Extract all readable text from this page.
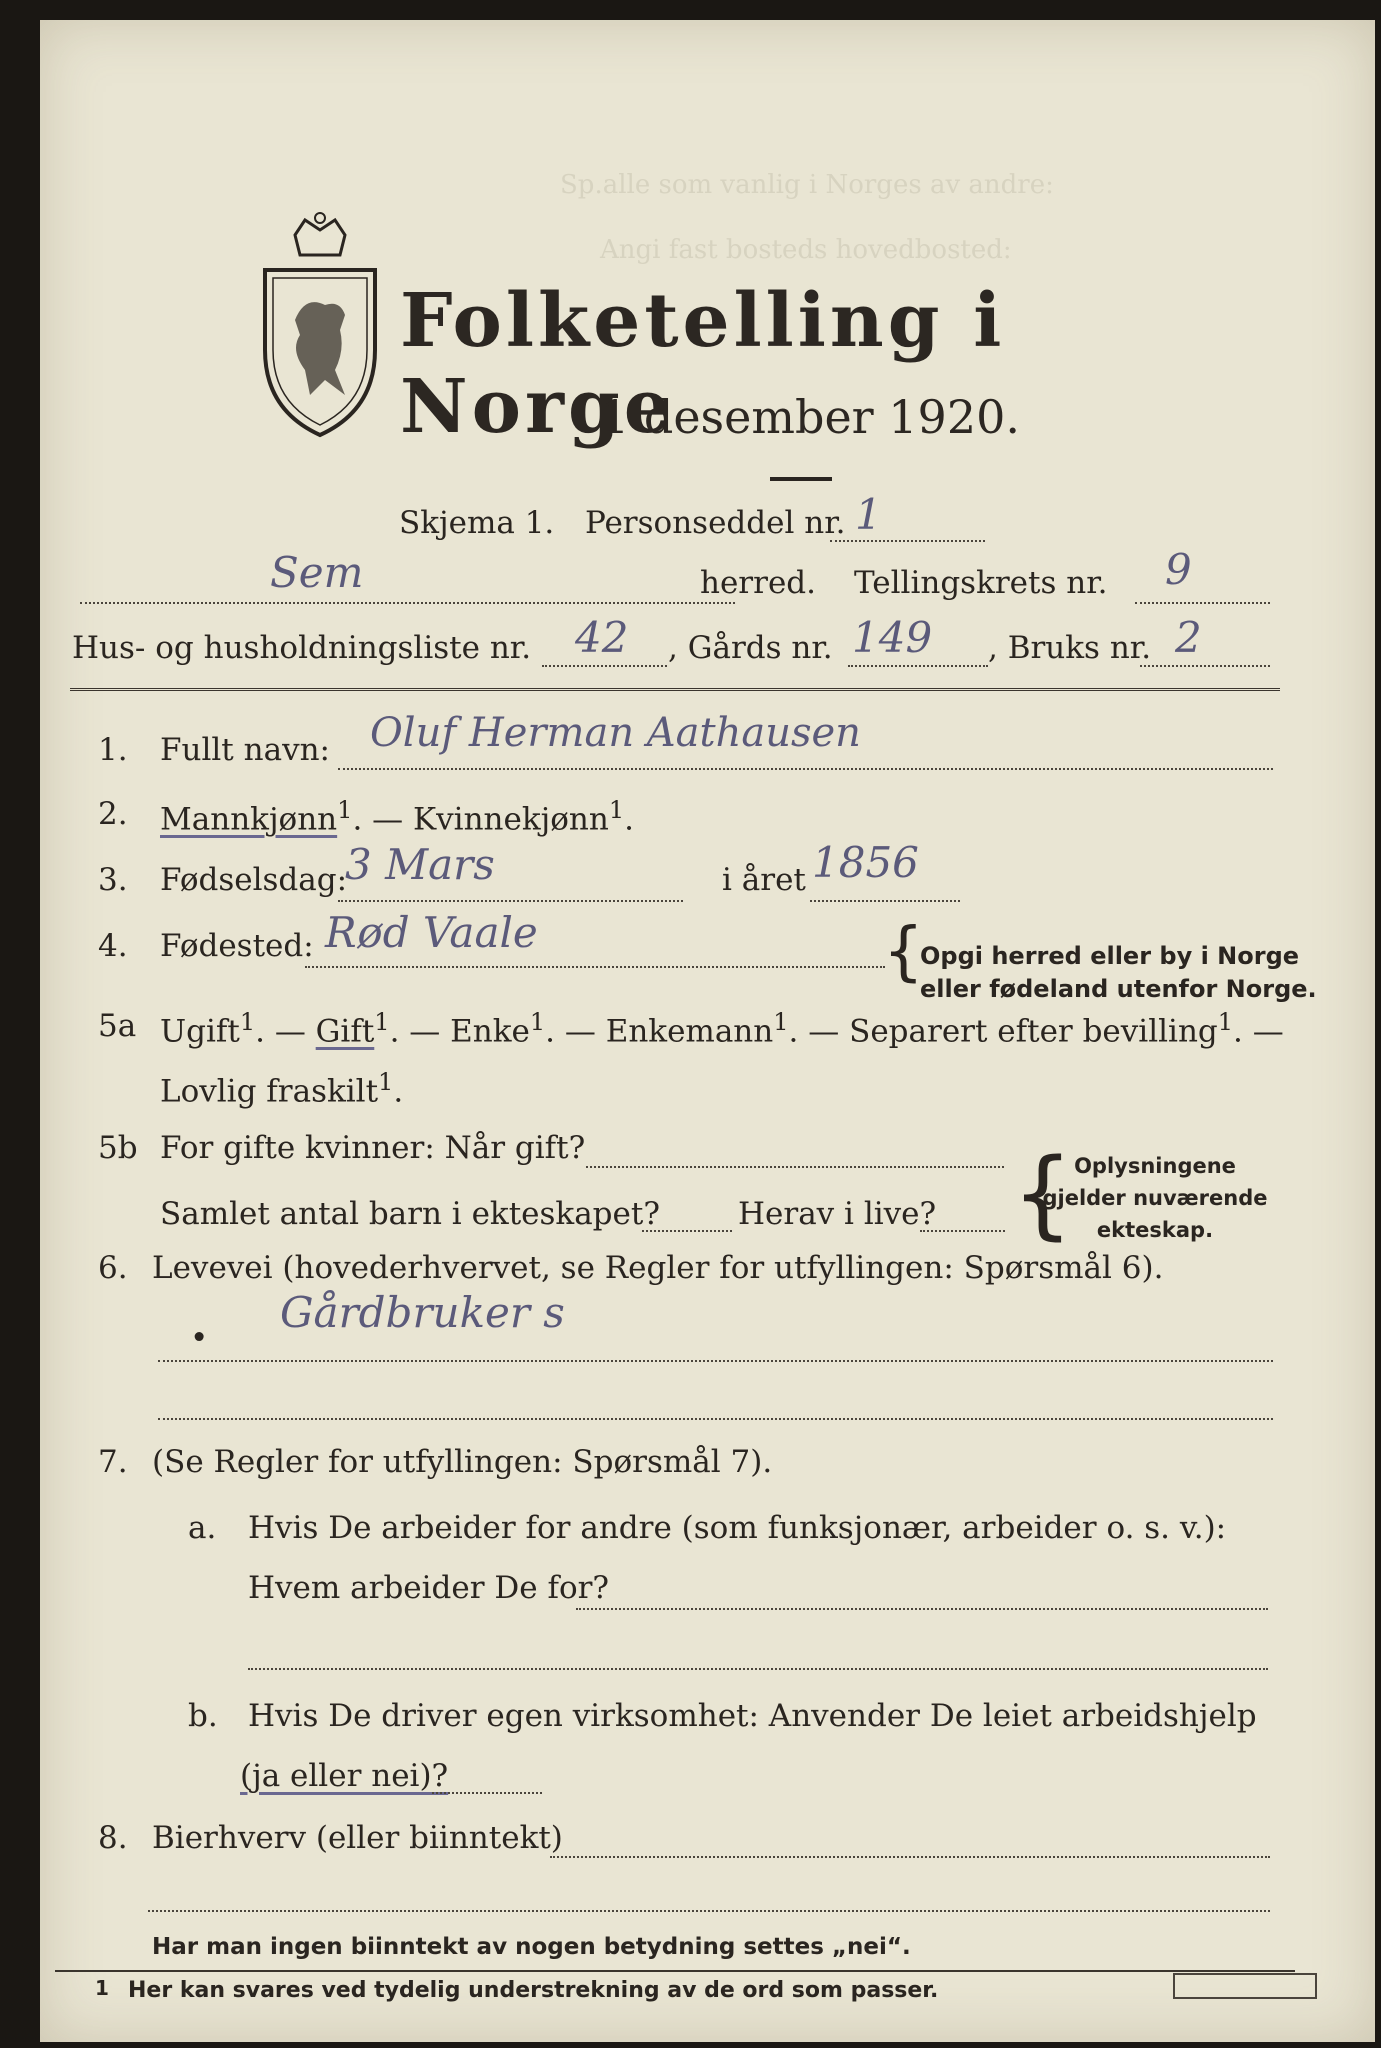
Sp.alle som vanlig i Norges av andre:
Angi fast bosteds hovedbosted:
Folketelling i Norge
1 desember 1920.
Skjema 1. Personseddel nr. 1
Sem	herred. Tellingskrets nr. 9
Hus- og husholdningsliste nr. 42 , Gårds nr. 149 , Bruks nr. 2
1. Fullt navn: Oluf Herman Aathausen
2. Mannkjønn$^1$. — Kvinnekjønn$^1$.
3. Fødselsdag:
3 Mars	i året 1856
4. Fødested: Rød Vaale	{
Opgi herred eller by i Norge
eller fødeland utenfor Norge.
5a Ugift$^1$. — Gift$^1$. — Enke$^1$. — Enkemann$^1$. — Separert efter bevilling$^1$. —
Lovlig fraskilt$^1$.
5b For gifte kvinner: Når gift?
Samlet antal barn i ekteskapet?	Herav i live? { Oplysningene
gjelder nuværende
ekteskap.
6. Levevei (hovederhvervet, se Regler for utfyllingen: Spørsmål 6).
•
Gårdbruker s
7. (Se Regler for utfyllingen: Spørsmål 7).
a. Hvis De arbeider for andre (som funksjonær, arbeider o. s. v.):
Hvem arbeider De for?
b. Hvis De driver egen virksomhet: Anvender De leiet arbeidshjelp
(ja eller nei)?
8. Bierhverv (eller biinntekt)
Har man ingen biinntekt av nogen betydning settes „nei“.
1 Her kan svares ved tydelig understrekning av de ord som passer.
